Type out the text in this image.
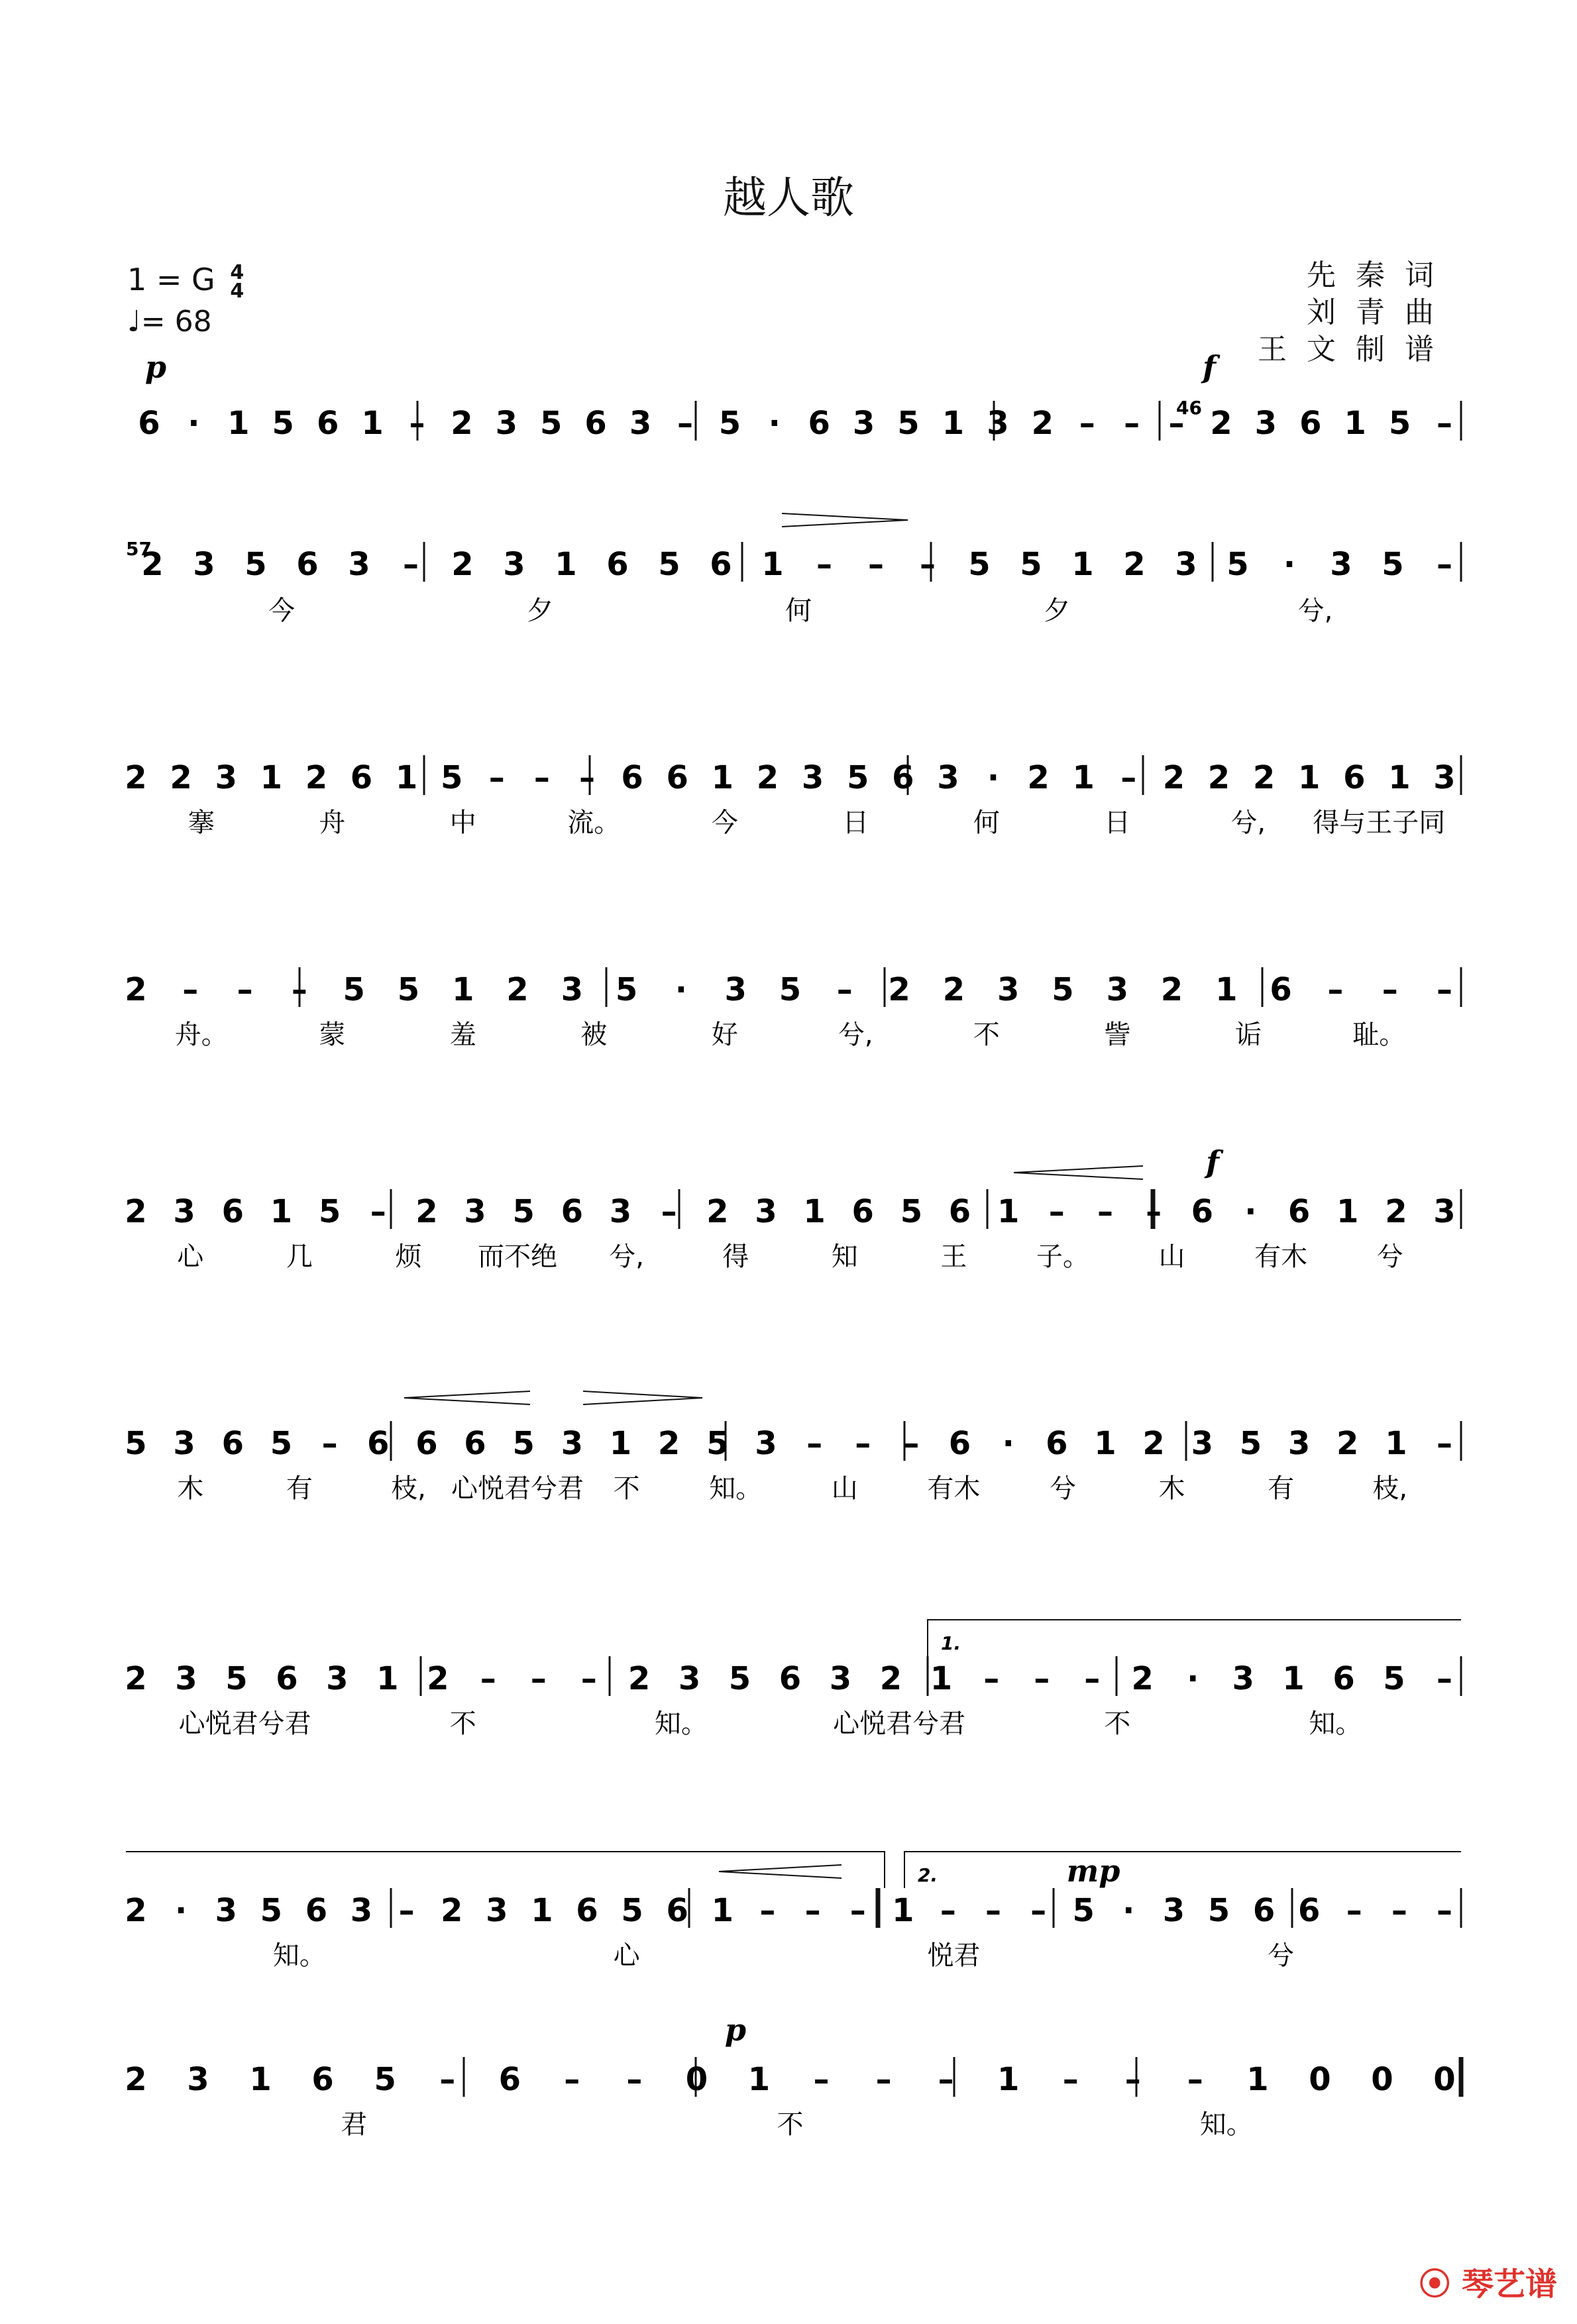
越人歌
1 = G 4
4
♩= 68
先秦词
刘青曲
王文制谱
⦿ 琴艺谱
6 · 1 5 6 1 – 2 3 5 6 3 – 5 · 6 3 5 1 3 2 – – – 2 3 6 1 5 –
2 3 5 6 3 – 2 3 1 6 5 6 1 – – – 5 5 1 2 3 5 · 3 5 –
2 2 3 1 2 6 1 5 – – – 6 6 1 2 3 5 6 3 · 2 1 – 2 2 2 1 6 1 3
2 – – – 5 5 1 2 3 5 · 3 5 – 2 2 3 5 3 2 1 6 – – –
2 3 6 1 5 – 2 3 5 6 3 – 2 3 1 6 5 6 1 – – – 6 · 6 1 2 3
5 3 6 5 – 6 6 6 5 3 1 2 5 3 – – – 6 · 6 1 2 3 5 3 2 1 –
2 3 5 6 3 1 2 – – – 2 3 5 6 3 2 1 – – – 2 · 3 1 6 5 –
2 · 3 5 6 3 – 2 3 1 6 5 6 1 – – – 1 – – – 5 · 3 5 6 6 – – –
2 3 1 6 5 – 6 – – 0 1 – – – 1 – – – 1 0 0 0
今	夕	何	夕	兮,
搴	舟	中	流。	今	日	何	日	兮, 得与王子同
舟。	蒙	羞	被	好	兮,	不	訾	诟	耻。
心	几	烦 而不绝 兮,	得	知	王	子。	山	有木	兮
木	有	枝, 心悦君兮君 不	知。	山	有木	兮	木	有	枝,
心悦君兮君	不	知。	心悦君兮君	不	知。
知。	心	悦君	兮
君	不	知。
p	f
f
mp
p
46
57
1.
2.
